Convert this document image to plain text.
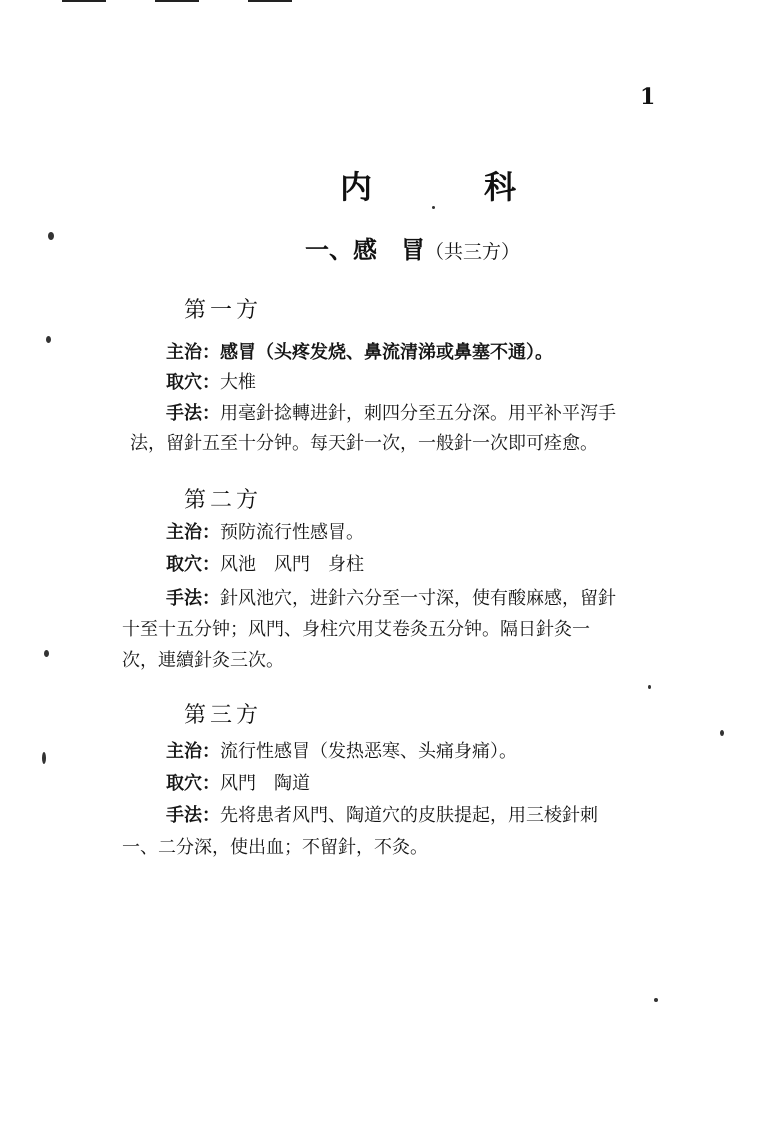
1
内　科
一、感　冒（共三方）
第一方
主治：感冒（头疼发烧、鼻流清涕或鼻塞不通）。
取穴：大椎
手法：用毫針捻轉进針，刺四分至五分深。用平补平泻手
法，留針五至十分钟。每天針一次，一般針一次即可痊愈。
第二方
主治：预防流行性感冒。
取穴：风池　风門　身柱
手法：針风池穴，进針六分至一寸深，使有酸麻感，留針
十至十五分钟；风門、身柱穴用艾卷灸五分钟。隔日針灸一
次，連續針灸三次。
第三方
主治：流行性感冒（发热恶寒、头痛身痛）。
取穴：风門　陶道
手法：先将患者风門、陶道穴的皮肤提起，用三棱針刺
一、二分深，使出血；不留針，不灸。
